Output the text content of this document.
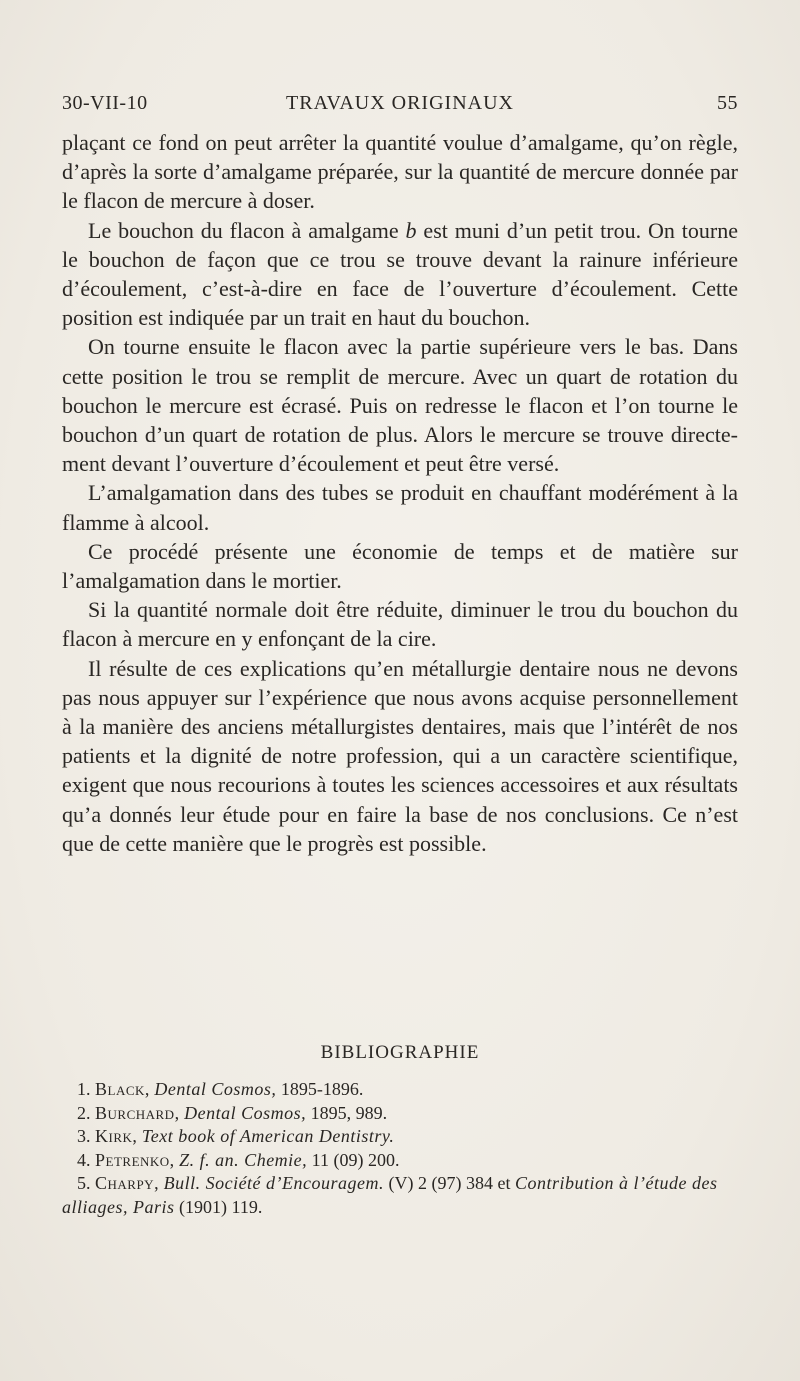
30-VII-10	TRAVAUX ORIGINAUX	55

plaçant ce fond on peut arrêter la quantité voulue d’amalgame, qu’on règle, d’après la sorte d’amalgame préparée, sur la quantité de mercure donnée par le flacon de mercure à doser.

Le bouchon du flacon à amalgame b est muni d’un petit trou. On tourne le bouchon de façon que ce trou se trouve devant la rainure inférieure d’écoulement, c’est-à-dire en face de l’ouverture d’écoulement. Cette position est indiquée par un trait en haut du bouchon.

On tourne ensuite le flacon avec la partie supérieure vers le bas. Dans cette position le trou se remplit de mercure. Avec un quart de rotation du bouchon le mercure est écrasé. Puis on redresse le flacon et l’on tourne le bouchon d’un quart de rotation de plus. Alors le mercure se trouve directement devant l’ouverture d’écoulement et peut être versé.

L’amalgamation dans des tubes se produit en chauffant modérément à la flamme à alcool.

Ce procédé présente une économie de temps et de matière sur l’amalgamation dans le mortier.

Si la quantité normale doit être réduite, diminuer le trou du bouchon du flacon à mercure en y enfonçant de la cire.

Il résulte de ces explications qu’en métallurgie dentaire nous ne devons pas nous appuyer sur l’expérience que nous avons acquise personnellement à la manière des anciens métallurgistes dentaires, mais que l’intérêt de nos patients et la dignité de notre profession, qui a un caractère scientifique, exigent que nous recourions à toutes les sciences accessoires et aux résultats qu’a donnés leur étude pour en faire la base de nos conclusions. Ce n’est que de cette manière que le progrès est possible.

BIBLIOGRAPHIE

1. Black, Dental Cosmos, 1895-1896.

2. Burchard, Dental Cosmos, 1895, 989.

3. Kirk, Text book of American Dentistry.

4. Petrenko, Z. f. an. Chemie, 11 (09) 200.

5. Charpy, Bull. Société d’Encouragem. (V) 2 (97) 384 et Contribution à l’étude des alliages, Paris (1901) 119.
